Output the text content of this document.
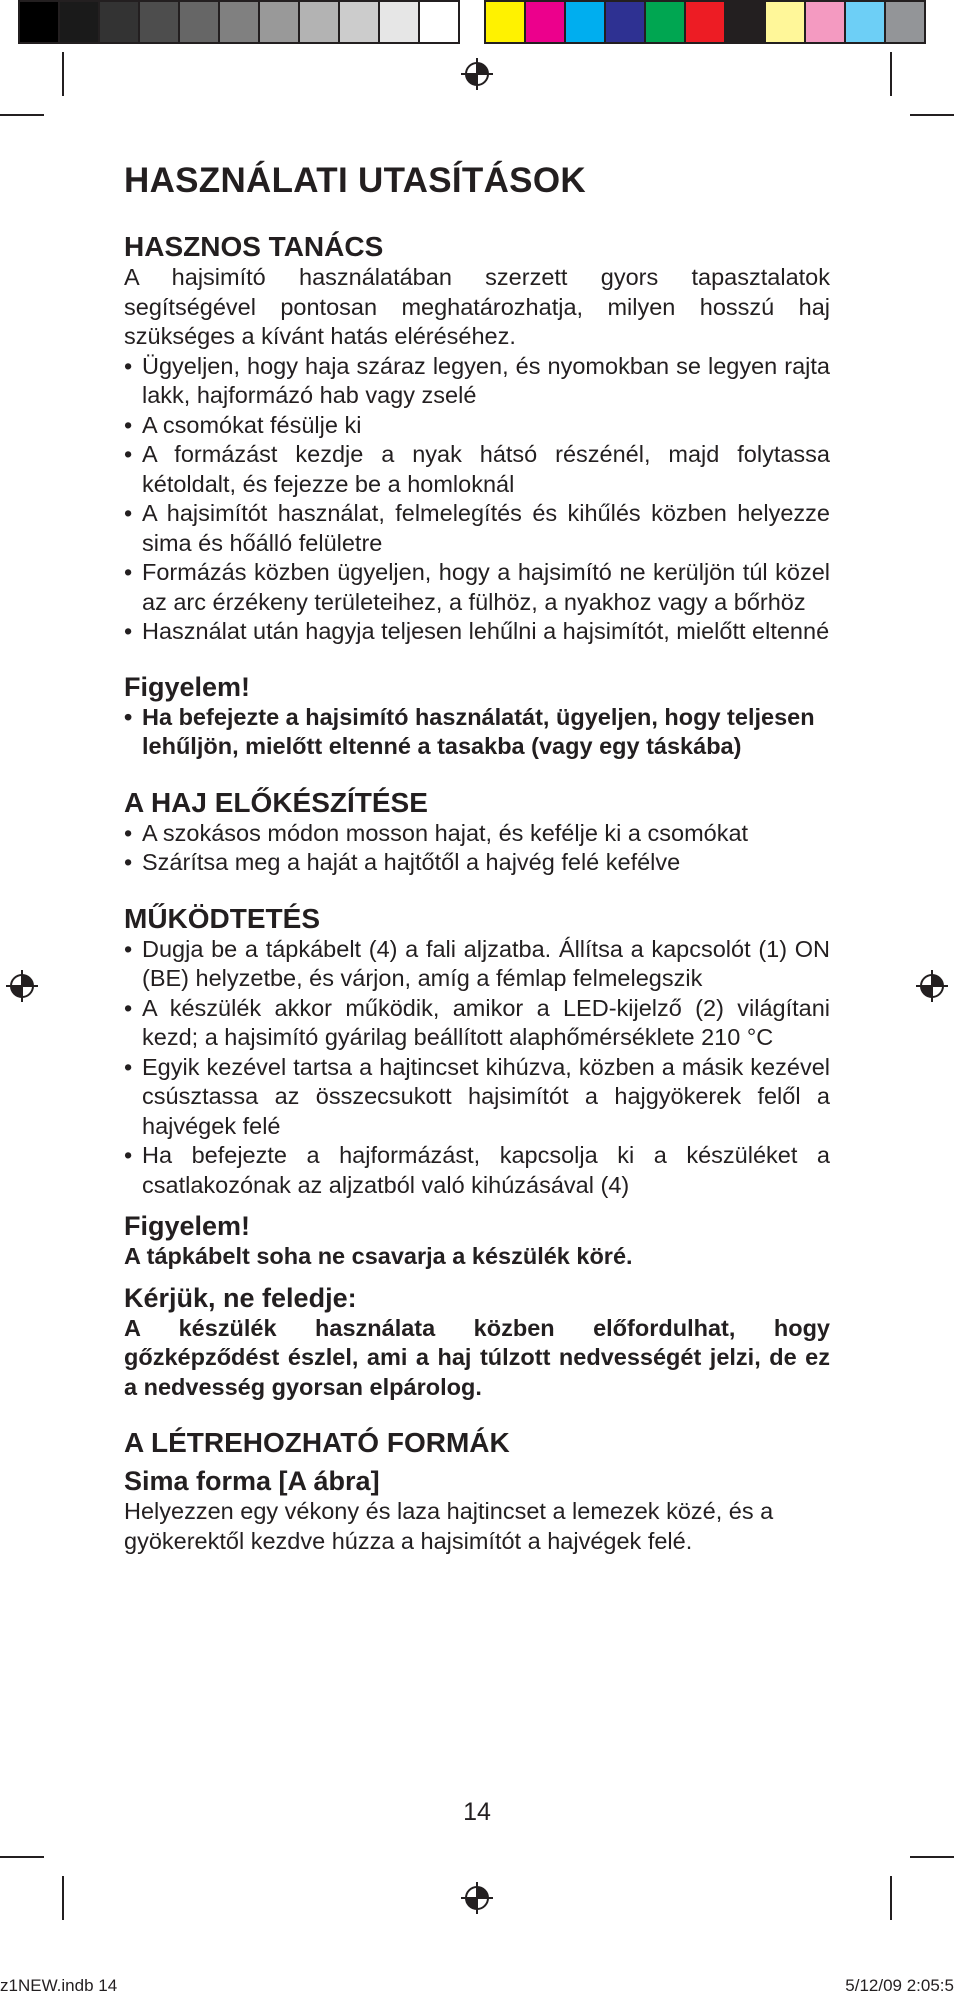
HASZNÁLATI UTASÍTÁSOK
HASZNOS TANÁCS

A hajsimító használatában szerzett gyors tapasztalatok segítségével pontosan meghatározhatja, milyen hosszú haj szükséges a kívánt hatás eléréséhez.

• Ügyeljen, hogy haja száraz legyen, és nyomokban se legyen rajta lakk, hajformázó hab vagy zselé
• A csomókat fésülje ki
• A formázást kezdje a nyak hátsó részénél, majd folytassa kétoldalt, és fejezze be a homloknál
• A hajsimítót használat, felmelegítés és kihűlés közben helyezze sima és hőálló felületre
• Formázás közben ügyeljen, hogy a hajsimító ne kerüljön túl közel az arc érzékeny területeihez, a fülhöz, a nyakhoz vagy a bőrhöz
• Használat után hagyja teljesen lehűlni a hajsimítót, mielőtt eltenné
Figyelem!
• Ha befejezte a hajsimító használatát, ügyeljen, hogy teljesen lehűljön, mielőtt eltenné a tasakba (vagy egy táskába)
A HAJ ELŐKÉSZÍTÉSE
• A szokásos módon mosson hajat, és kefélje ki a csomókat
• Szárítsa meg a haját a hajtőtől a hajvég felé kefélve
MŰKÖDTETÉS
• Dugja be a tápkábelt (4) a fali aljzatba. Állítsa a kapcsolót (1) ON (BE) helyzetbe, és várjon, amíg a fémlap felmelegszik
• A készülék akkor működik, amikor a LED-kijelző (2) világítani kezd; a hajsimító gyárilag beállított alaphőmérséklete 210 °C
• Egyik kezével tartsa a hajtincset kihúzva, közben a másik kezével csúsztassa az összecsukott hajsimítót a hajgyökerek felől a hajvégek felé
• Ha befejezte a hajformázást, kapcsolja ki a készüléket a csatlakozónak az aljzatból való kihúzásával (4)
Figyelem!

A tápkábelt soha ne csavarja a készülék köré.

Kérjük, ne feledje:

A készülék használata közben előfordulhat, hogy gőzképződést észlel, ami a haj túlzott nedvességét jelzi, de ez a nedvesség gyorsan elpárolog.

A LÉTREHOZHATÓ FORMÁK
Sima forma [A ábra]

Helyezzen egy vékony és laza hajtincset a lemezek közé, és a gyökerektől kezdve húzza a hajsimítót a hajvégek felé.

14
z1NEW.indb 14	5/12/09 2:05:5
